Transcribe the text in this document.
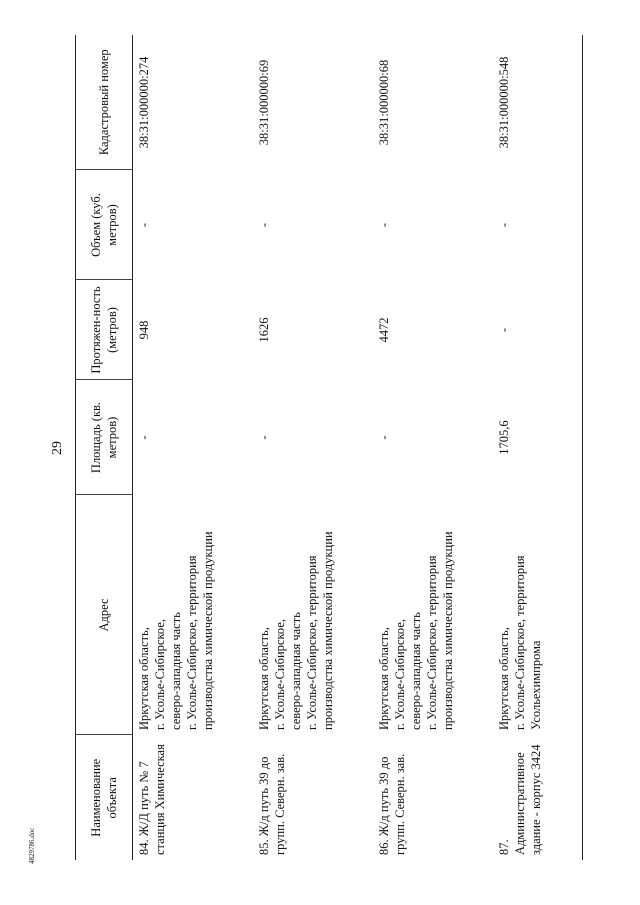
29
4829786.doc
Наименование объекта	Адрес	Площадь (кв. метров)	Протяжен-ность (метров)	Объем (куб. метров)	Кадастровый номер
84. Ж/Д путь № 7 станция Химическая	Иркутская область, г. Усолье-Сибирское, северо-западная часть г. Усолье-Сибирское, территория производства химической продукции	-	948	-	38:31:000000:274
85. Ж/д путь 39 до групп. Северн. зав.	Иркутская область, г. Усолье-Сибирское, северо-западная часть г. Усолье-Сибирское, территория производства химической продукции	-	1626	-	38:31:000000:69
86. Ж/д путь 39 до групп. Северн. зав.	Иркутская область, г. Усолье-Сибирское, северо-западная часть г. Усолье-Сибирское, территория производства химической продукции	-	4472	-	38:31:000000:68
87. Административное здание - корпус 3424	Иркутская область, г. Усолье-Сибирское, территория Усольехимпрома	1705,6	-	-	38:31:000000:548
